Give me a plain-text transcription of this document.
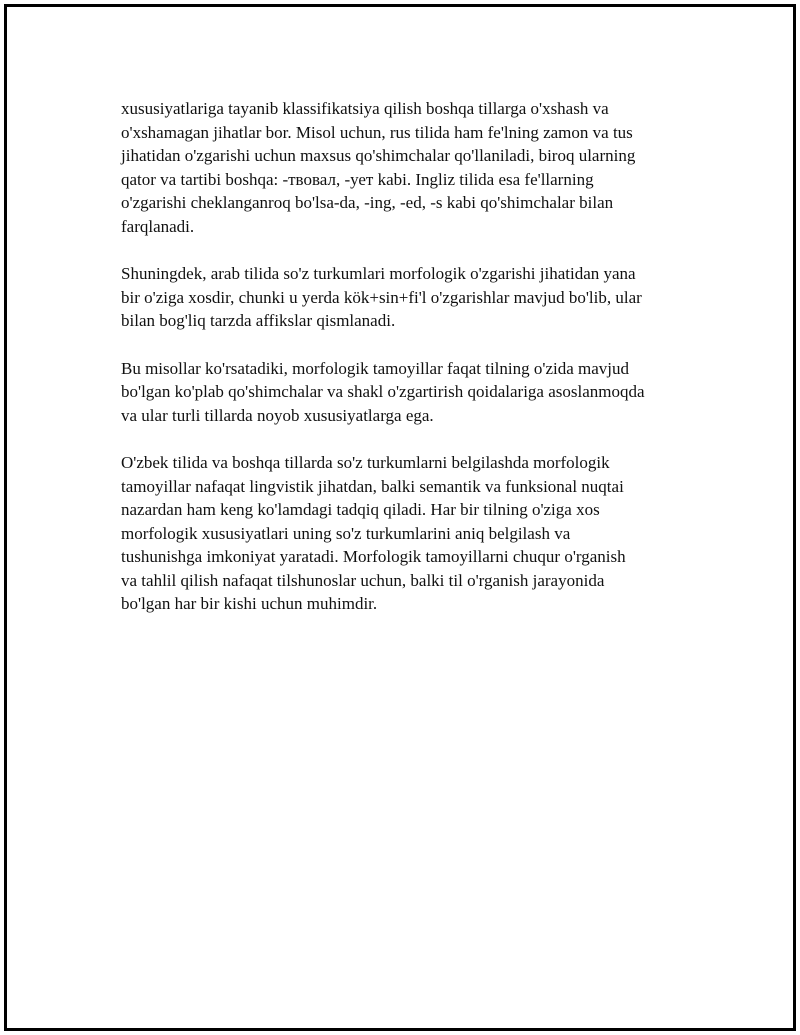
xususiyatlariga tayanib klassifikatsiya qilish boshqa tillarga o'xshash va
o'xshamagan jihatlar bor. Misol uchun, rus tilida ham fe'lning zamon va tus
jihatidan o'zgarishi uchun maxsus qo'shimchalar qo'llaniladi, biroq ularning
qator va tartibi boshqa: -твовал, -ует kabi. Ingliz tilida esa fe'llarning
o'zgarishi cheklanganroq bo'lsa-da, -ing, -ed, -s kabi qo'shimchalar bilan
farqlanadi.

Shuningdek, arab tilida so'z turkumlari morfologik o'zgarishi jihatidan yana
bir o'ziga xosdir, chunki u yerda kök+sin+fi'l o'zgarishlar mavjud bo'lib, ular
bilan bog'liq tarzda affikslar qismlanadi.

Bu misollar ko'rsatadiki, morfologik tamoyillar faqat tilning o'zida mavjud
bo'lgan ko'plab qo'shimchalar va shakl o'zgartirish qoidalariga asoslanmoqda
va ular turli tillarda noyob xususiyatlarga ega.

O'zbek tilida va boshqa tillarda so'z turkumlarni belgilashda morfologik
tamoyillar nafaqat lingvistik jihatdan, balki semantik va funksional nuqtai
nazardan ham keng ko'lamdagi tadqiq qiladi. Har bir tilning o'ziga xos
morfologik xususiyatlari uning so'z turkumlarini aniq belgilash va
tushunishga imkoniyat yaratadi. Morfologik tamoyillarni chuqur o'rganish
va tahlil qilish nafaqat tilshunoslar uchun, balki til o'rganish jarayonida
bo'lgan har bir kishi uchun muhimdir.
